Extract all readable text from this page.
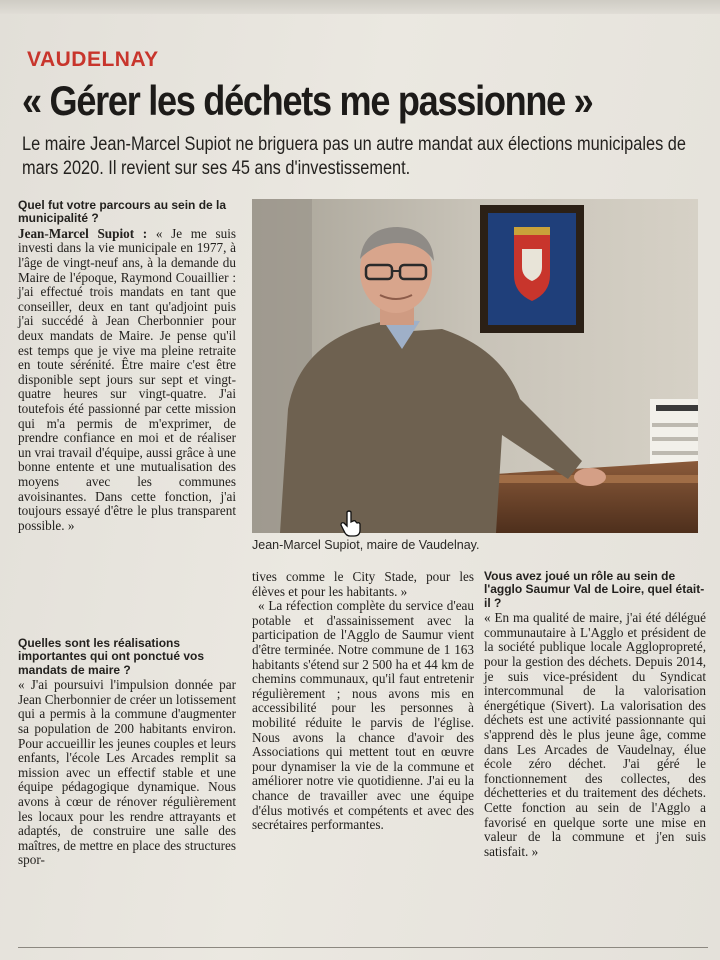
VAUDELNAY
« Gérer les déchets me passionne »
Le maire Jean-Marcel Supiot ne briguera pas un autre mandat aux élections municipales de mars 2020. Il revient sur ses 45 ans d'investissement.
Quel fut votre parcours au sein de la municipalité ?

Jean-Marcel Supiot : « Je me suis investi dans la vie municipale en 1977, à l'âge de vingt-neuf ans, à la demande du Maire de l'époque, Raymond Couaillier : j'ai effectué trois mandats en tant que conseiller, deux en tant qu'adjoint puis j'ai succédé à Jean Cherbonnier pour deux mandats de Maire. Je pense qu'il est temps que je vive ma pleine retraite en toute sérénité. Être maire c'est être disponible sept jours sur sept et vingt-quatre heures sur vingt-quatre. J'ai toutefois été passionné par cette mission qui m'a permis de m'exprimer, de prendre confiance en moi et de réaliser un vrai travail d'équipe, aussi grâce à une bonne entente et une mutualisation des moyens avec les communes avoisinantes. Dans cette fonction, j'ai toujours essayé d'être le plus transparent possible. »

Quelles sont les réalisations importantes qui ont ponctué vos mandats de maire ?

« J'ai poursuivi l'impulsion donnée par Jean Cherbonnier de créer un lotissement qui a permis à la commune d'augmenter sa population de 200 habitants environ. Pour accueillir les jeunes couples et leurs enfants, l'école Les Arcades remplit sa mission avec un effectif stable et une équipe pédagogique dynamique. Nous avons à cœur de rénover régulièrement les locaux pour les rendre attrayants et adaptés, de construire une salle des maîtres, de mettre en place des structures spor-

Jean-Marcel Supiot, maire de Vaudelnay.

tives comme le City Stade, pour les élèves et pour les habitants. »

« La réfection complète du service d'eau potable et d'assainissement avec la participation de l'Agglo de Saumur vient d'être terminée. Notre commune de 1 163 habitants s'étend sur 2 500 ha et 44 km de chemins communaux, qu'il faut entretenir régulièrement ; nous avons mis en accessibilité pour les personnes à mobilité réduite le parvis de l'église. Nous avons la chance d'avoir des Associations qui mettent tout en œuvre pour dynamiser la vie de la commune et améliorer notre vie quotidienne. J'ai eu la chance de travailler avec une équipe d'élus motivés et compétents et avec des secrétaires performantes.

Vous avez joué un rôle au sein de l'agglo Saumur Val de Loire, quel était-il ?

« En ma qualité de maire, j'ai été délégué communautaire à L'Agglo et président de la société publique locale Agglopropreté, pour la gestion des déchets. Depuis 2014, je suis vice-président du Syndicat intercommunal de la valorisation énergétique (Sivert). La valorisation des déchets est une activité passionnante qui s'apprend dès le plus jeune âge, comme dans Les Arcades de Vaudelnay, élue école zéro déchet. J'ai géré le fonctionnement des collectes, des déchetteries et du traitement des déchets. Cette fonction au sein de l'Agglo a favorisé en quelque sorte une mise en valeur de la commune et j'en suis satisfait. »
